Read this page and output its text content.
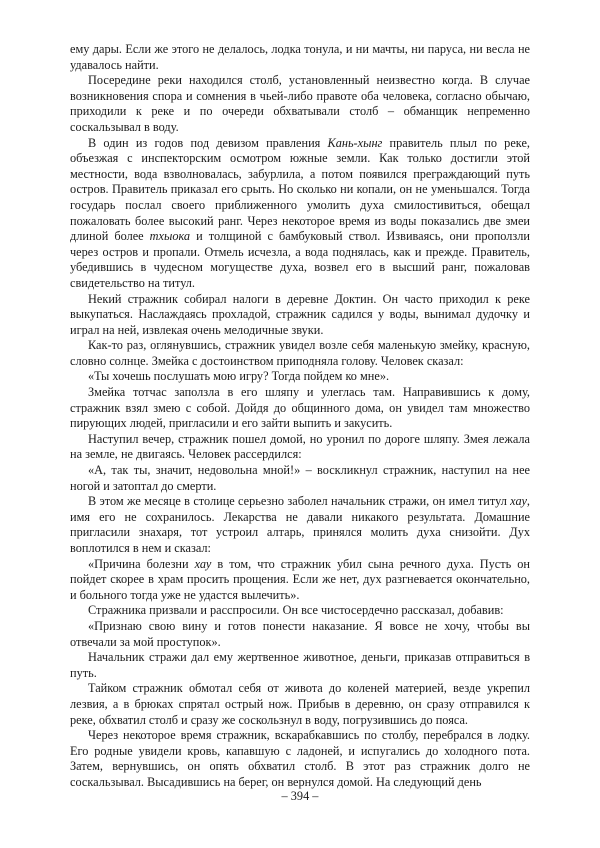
ему дары. Если же этого не делалось, лодка тонула, и ни мачты, ни паруса, ни весла не удавалось найти.

Посередине реки находился столб, установленный неизвестно когда. В случае возникновения спора и сомнения в чьей-либо правоте оба человека, согласно обычаю, приходили к реке и по очереди обхватывали столб – обманщик непременно соскальзывал в воду.

В один из годов под девизом правления Кань-хынг правитель плыл по реке, объезжая с инспекторским осмотром южные земли. Как только достигли этой местности, вода взволновалась, забурлила, а потом появился преграждающий путь остров. Правитель приказал его срыть. Но сколько ни копали, он не уменьшался. Тогда государь послал своего приближенного умолить духа смилостивиться, обещал пожаловать более высокий ранг. Через некоторое время из воды показались две змеи длиной более тхыока и толщиной с бамбуковый ствол. Извиваясь, они проползли через остров и пропали. Отмель исчезла, а вода поднялась, как и прежде. Правитель, убедившись в чудесном могуществе духа, возвел его в высший ранг, пожаловав свидетельство на титул.

Некий стражник собирал налоги в деревне Доктин. Он часто приходил к реке выкупаться. Наслаждаясь прохладой, стражник садился у воды, вынимал дудочку и играл на ней, извлекая очень мелодичные звуки.

Как-то раз, оглянувшись, стражник увидел возле себя маленькую змейку, красную, словно солнце. Змейка с достоинством приподняла голову. Человек сказал:

«Ты хочешь послушать мою игру? Тогда пойдем ко мне».

Змейка тотчас заползла в его шляпу и улеглась там. Направившись к дому, стражник взял змею с собой. Дойдя до общинного дома, он увидел там множество пирующих людей, пригласили и его зайти выпить и закусить.

Наступил вечер, стражник пошел домой, но уронил по дороге шляпу. Змея лежала на земле, не двигаясь. Человек рассердился:

«А, так ты, значит, недовольна мной!» – воскликнул стражник, наступил на нее ногой и затоптал до смерти.

В этом же месяце в столице серьезно заболел начальник стражи, он имел титул хау, имя его не сохранилось. Лекарства не давали никакого результата. Домашние пригласили знахаря, тот устроил алтарь, принялся молить духа снизойти. Дух воплотился в нем и сказал:

«Причина болезни хау в том, что стражник убил сына речного духа. Пусть он пойдет скорее в храм просить прощения. Если же нет, дух разгневается окончательно, и больного тогда уже не удастся вылечить».

Стражника призвали и расспросили. Он все чистосердечно рассказал, добавив:

«Признаю свою вину и готов понести наказание. Я вовсе не хочу, чтобы вы отвечали за мой проступок».

Начальник стражи дал ему жертвенное животное, деньги, приказав отправиться в путь.

Тайком стражник обмотал себя от живота до коленей материей, везде укрепил лезвия, а в брюках спрятал острый нож. Прибыв в деревню, он сразу отправился к реке, обхватил столб и сразу же соскользнул в воду, погрузившись до пояса.

Через некоторое время стражник, вскарабкавшись по столбу, перебрался в лодку. Его родные увидели кровь, капавшую с ладоней, и испугались до холодного пота. Затем, вернувшись, он опять обхватил столб. В этот раз стражник долго не соскальзывал. Высадившись на берег, он вернулся домой. На следующий день

– 394 –
